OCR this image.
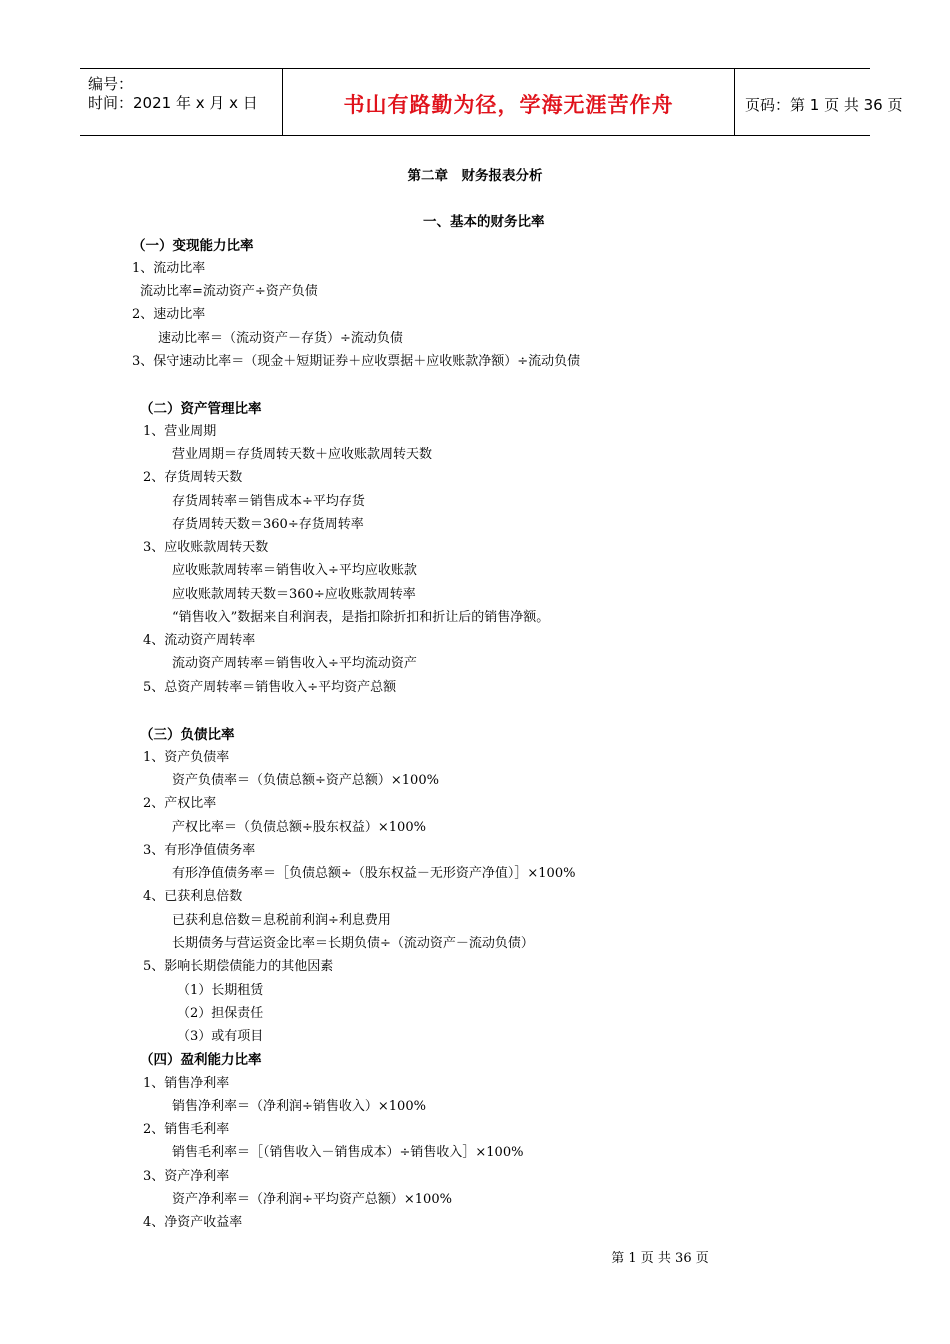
编号：
时间：2021 年 x 月 x 日	书山有路勤为径，学海无涯苦作舟	页码：第 1 页 共 36 页
第二章　财务报表分析
一、基本的财务比率
（一）变现能力比率
1、流动比率
流动比率=流动资产÷资产负债
2、速动比率
速动比率＝（流动资产－存货）÷流动负债
3、保守速动比率＝（现金＋短期证券＋应收票据＋应收账款净额）÷流动负债
（二）资产管理比率
1、营业周期
营业周期＝存货周转天数＋应收账款周转天数
2、存货周转天数
存货周转率＝销售成本÷平均存货
存货周转天数＝360÷存货周转率
3、应收账款周转天数
应收账款周转率＝销售收入÷平均应收账款
应收账款周转天数＝360÷应收账款周转率
“销售收入”数据来自利润表，是指扣除折扣和折让后的销售净额。
4、流动资产周转率
流动资产周转率＝销售收入÷平均流动资产
5、总资产周转率＝销售收入÷平均资产总额
（三）负债比率
1、资产负债率
资产负债率＝（负债总额÷资产总额）×100%
2、产权比率
产权比率＝（负债总额÷股东权益）×100%
3、有形净值债务率
有形净值债务率＝［负债总额÷（股东权益－无形资产净值）］×100%
4、已获利息倍数
已获利息倍数＝息税前利润÷利息费用
长期债务与营运资金比率＝长期负债÷（流动资产－流动负债）
5、影响长期偿债能力的其他因素
（1）长期租赁
（2）担保责任
（3）或有项目
（四）盈利能力比率
1、销售净利率
销售净利率＝（净利润÷销售收入）×100%
2、销售毛利率
销售毛利率＝［（销售收入－销售成本）÷销售收入］×100%
3、资产净利率
资产净利率＝（净利润÷平均资产总额）×100%
4、净资产收益率
第 1 页 共 36 页
